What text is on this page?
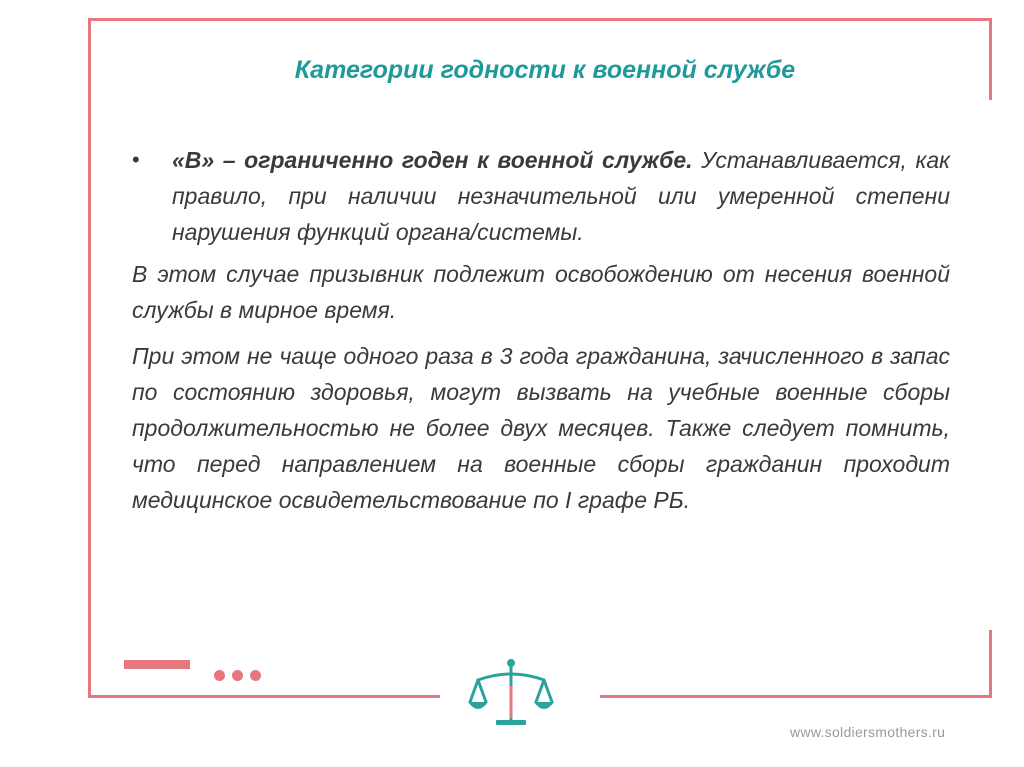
Категории годности к военной службе
•	«В» – ограниченно годен к военной службе. Устанавливается, как правило, при наличии незначительной или умеренной степени нарушения функций органа/системы.

В этом случае призывник подлежит освобождению от несения военной службы в мирное время.

При этом не чаще одного раза в 3 года гражданина, зачисленного в запас по состоянию здоровья, могут вызвать на учебные военные сборы продолжительностью не более двух месяцев. Также следует помнить, что перед направлением на военные сборы гражданин проходит медицинское освидетельствование по I графе РБ.

www.soldiersmothers.ru
